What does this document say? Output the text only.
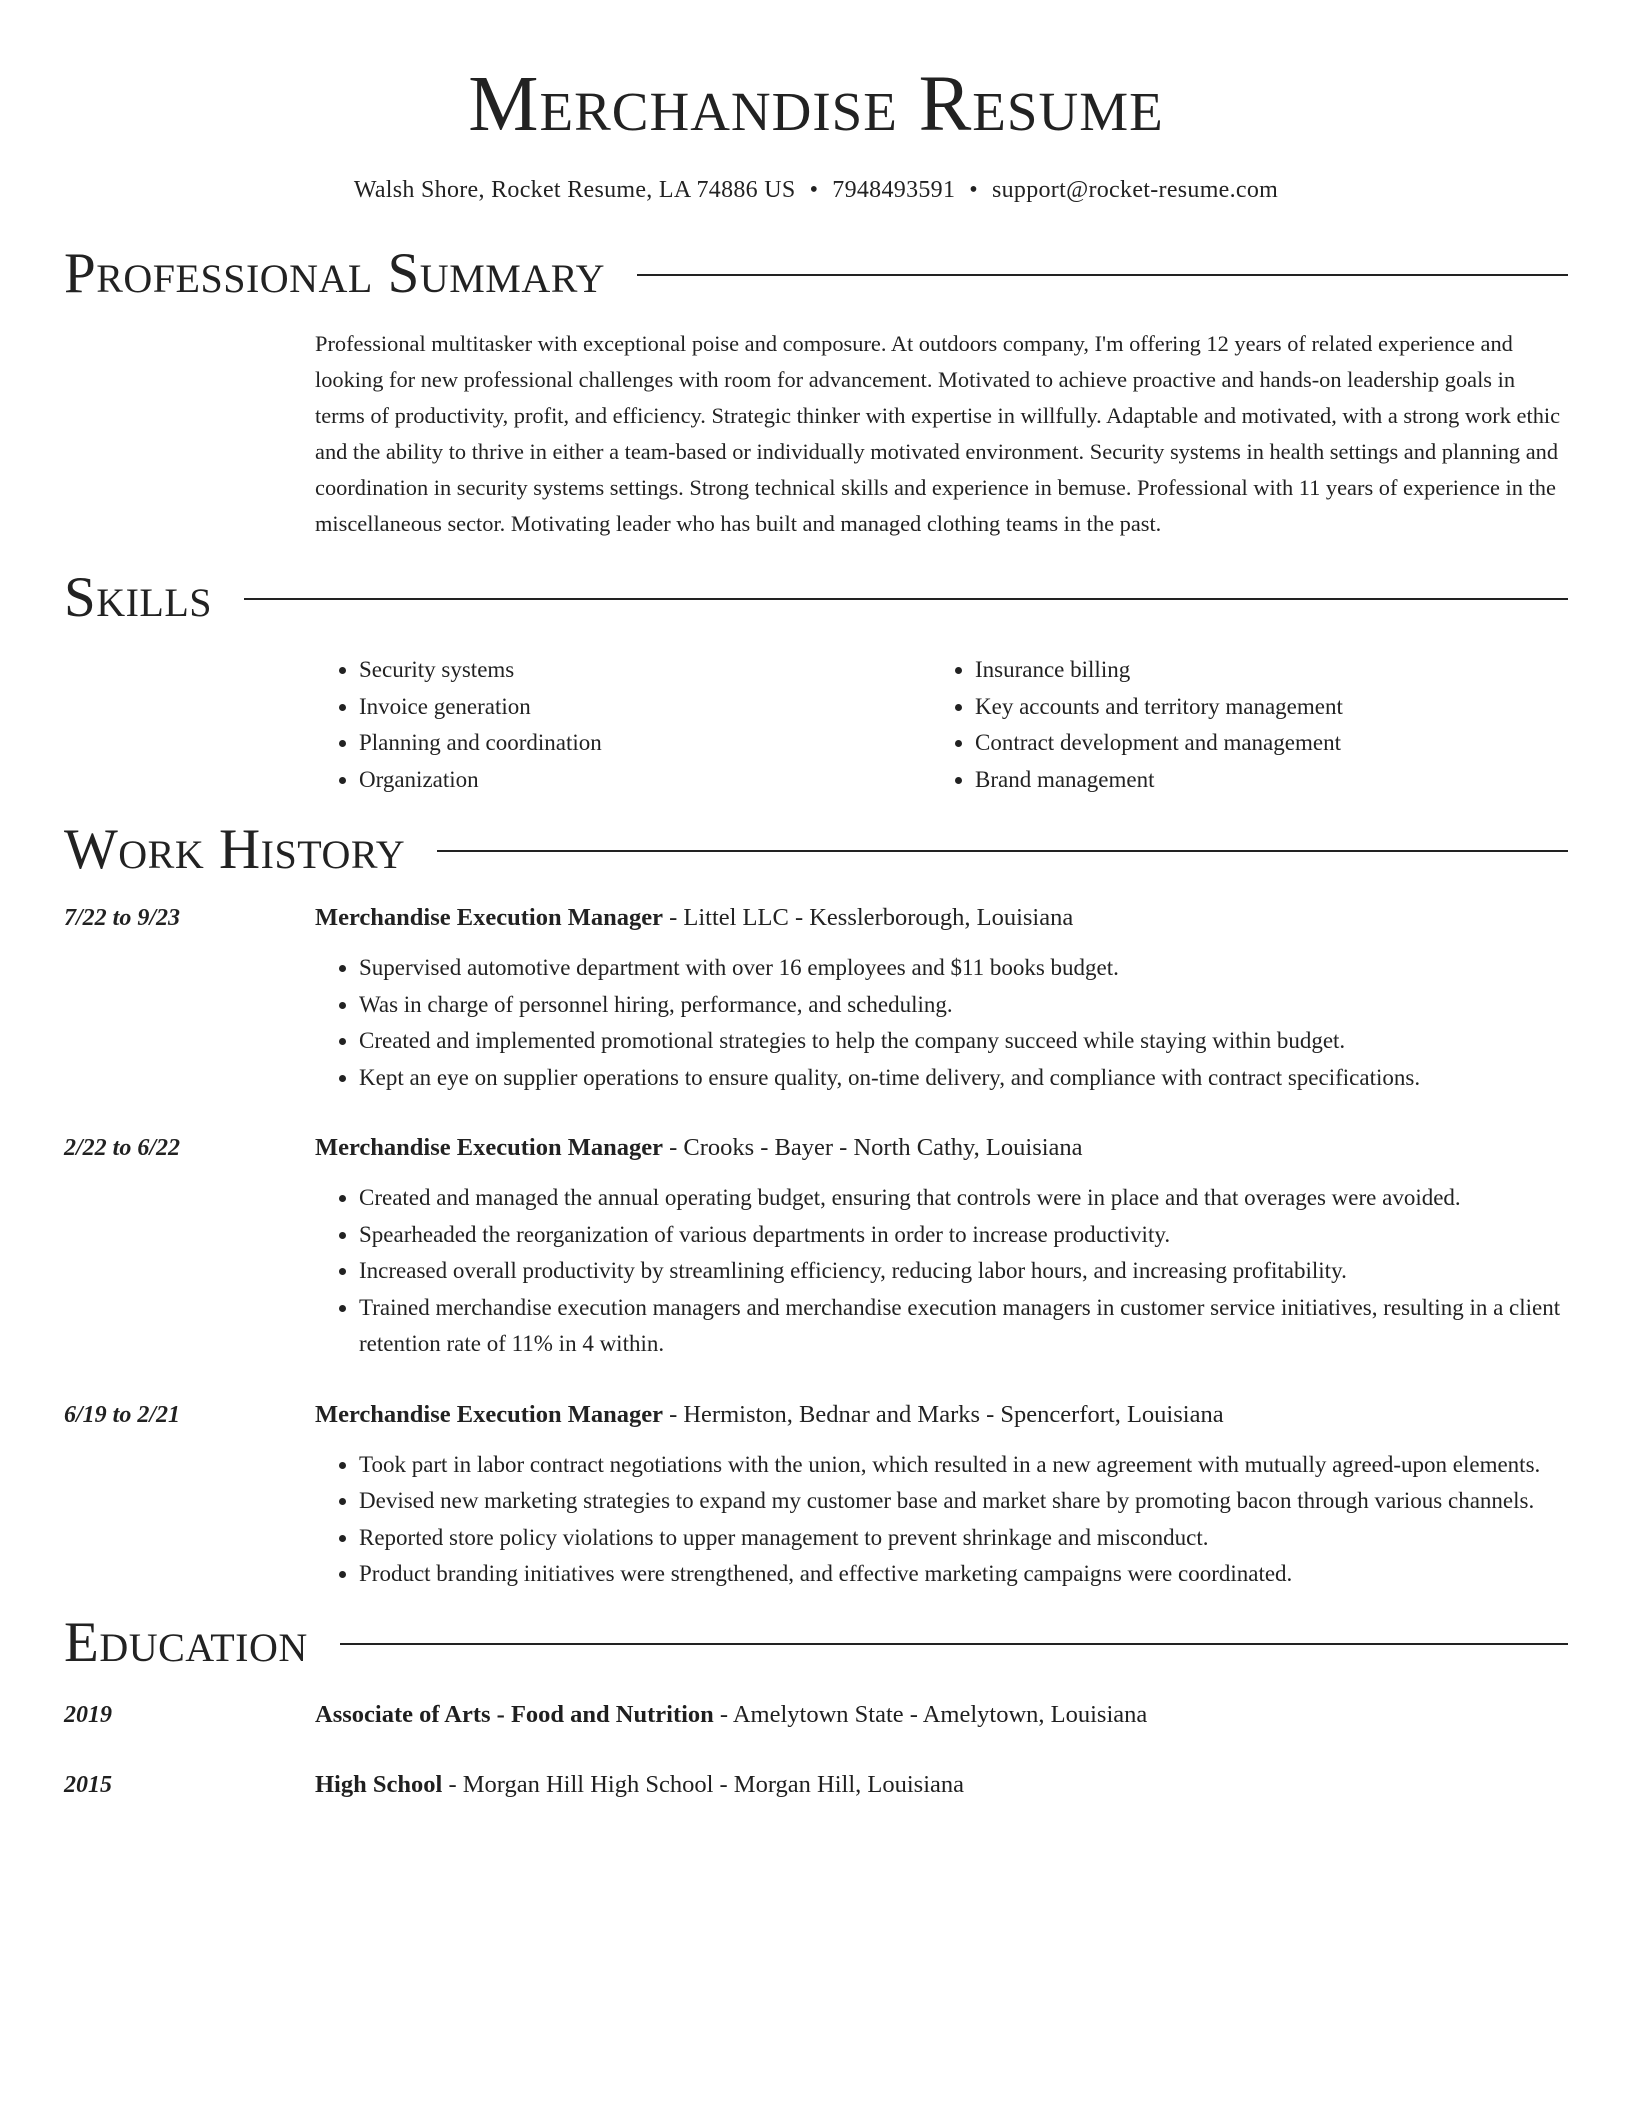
Merchandise Resume
Walsh Shore, Rocket Resume, LA 74886 US • 7948493591 • support@rocket-resume.com
Professional Summary
Professional multitasker with exceptional poise and composure. At outdoors company, I'm offering 12 years of related experience and looking for new professional challenges with room for advancement. Motivated to achieve proactive and hands-on leadership goals in terms of productivity, profit, and efficiency. Strategic thinker with expertise in willfully. Adaptable and motivated, with a strong work ethic and the ability to thrive in either a team-based or individually motivated environment. Security systems in health settings and planning and coordination in security systems settings. Strong technical skills and experience in bemuse. Professional with 11 years of experience in the miscellaneous sector. Motivating leader who has built and managed clothing teams in the past.
Skills
• Security systems
• Invoice generation
• Planning and coordination
• Organization
• Insurance billing
• Key accounts and territory management
• Contract development and management
• Brand management
Work History
7/22 to 9/23	Merchandise Execution Manager - Littel LLC - Kesslerborough, Louisiana
• Supervised automotive department with over 16 employees and $11 books budget.
• Was in charge of personnel hiring, performance, and scheduling.
• Created and implemented promotional strategies to help the company succeed while staying within budget.
• Kept an eye on supplier operations to ensure quality, on-time delivery, and compliance with contract specifications.
2/22 to 6/22	Merchandise Execution Manager - Crooks - Bayer - North Cathy, Louisiana
• Created and managed the annual operating budget, ensuring that controls were in place and that overages were avoided.
• Spearheaded the reorganization of various departments in order to increase productivity.
• Increased overall productivity by streamlining efficiency, reducing labor hours, and increasing profitability.
• Trained merchandise execution managers and merchandise execution managers in customer service initiatives, resulting in a client retention rate of 11% in 4 within.
6/19 to 2/21	Merchandise Execution Manager - Hermiston, Bednar and Marks - Spencerfort, Louisiana
• Took part in labor contract negotiations with the union, which resulted in a new agreement with mutually agreed-upon elements.
• Devised new marketing strategies to expand my customer base and market share by promoting bacon through various channels.
• Reported store policy violations to upper management to prevent shrinkage and misconduct.
• Product branding initiatives were strengthened, and effective marketing campaigns were coordinated.
Education
2019	Associate of Arts - Food and Nutrition - Amelytown State - Amelytown, Louisiana
2015	High School - Morgan Hill High School - Morgan Hill, Louisiana
